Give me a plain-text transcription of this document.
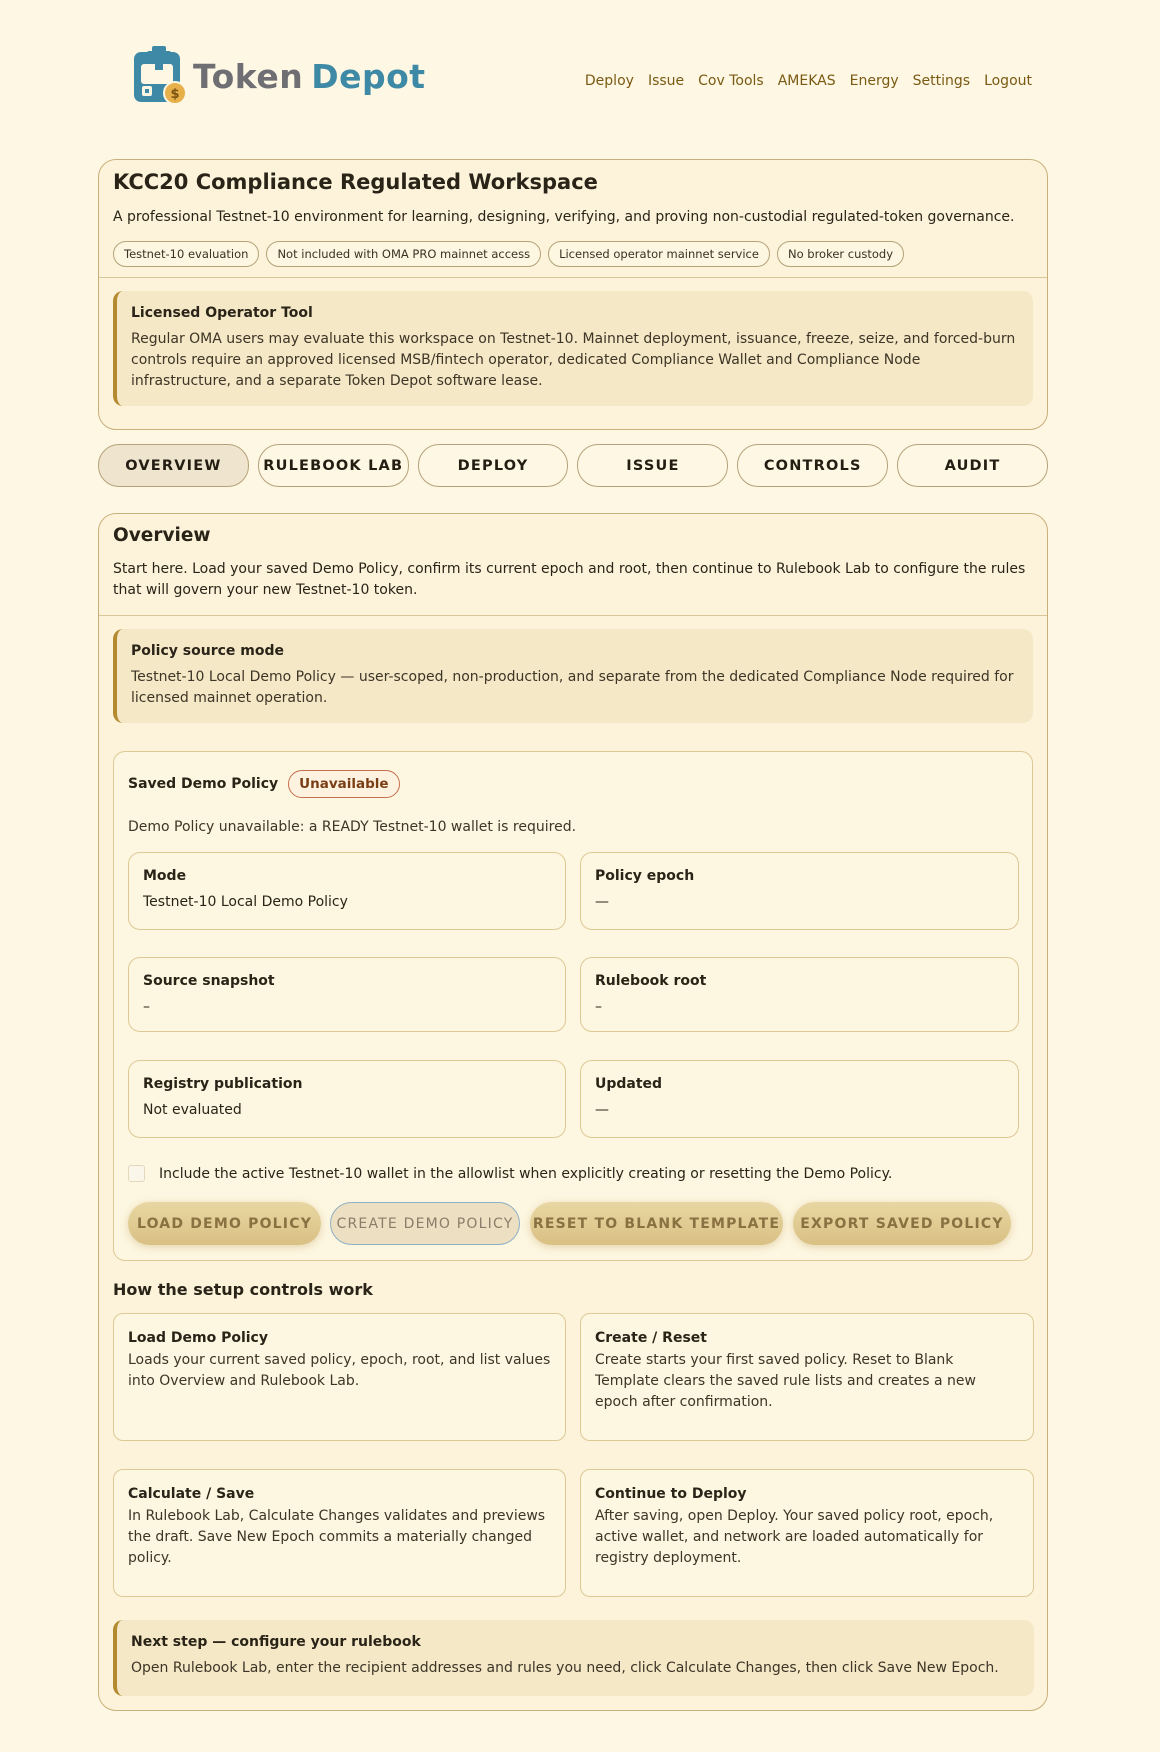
$ Token Depot	Deploy Issue Cov Tools AMEKAS Energy Settings Logout
KCC20 Compliance Regulated Workspace
A professional Testnet-10 environment for learning, designing, verifying, and proving non-custodial regulated-token governance.
Testnet-10 evaluation	Not included with OMA PRO mainnet access	Licensed operator mainnet service	No broker custody
Licensed Operator Tool
Regular OMA users may evaluate this workspace on Testnet-10. Mainnet deployment, issuance, freeze, seize, and forced-burn controls require an approved licensed MSB/fintech operator, dedicated Compliance Wallet and Compliance Node infrastructure, and a separate Token Depot software lease.
OVERVIEW	RULEBOOK LAB	DEPLOY	ISSUE	CONTROLS	AUDIT
Overview
Start here. Load your saved Demo Policy, confirm its current epoch and root, then continue to Rulebook Lab to configure the rules that will govern your new Testnet-10 token.
Policy source mode
Testnet-10 Local Demo Policy — user-scoped, non-production, and separate from the dedicated Compliance Node required for licensed mainnet operation.
Saved Demo Policy	Unavailable
Demo Policy unavailable: a READY Testnet-10 wallet is required.
Mode
Testnet-10 Local Demo Policy
Policy epoch
—
Source snapshot
–
Rulebook root
–
Registry publication
Not evaluated
Updated
—
Include the active Testnet-10 wallet in the allowlist when explicitly creating or resetting the Demo Policy.
How the setup controls work
Load Demo Policy
Loads your current saved policy, epoch, root, and list values into Overview and Rulebook Lab.
Create / Reset
Create starts your first saved policy. Reset to Blank Template clears the saved rule lists and creates a new epoch after confirmation.
Calculate / Save
In Rulebook Lab, Calculate Changes validates and previews the draft. Save New Epoch commits a materially changed policy.
Continue to Deploy
After saving, open Deploy. Your saved policy root, epoch, active wallet, and network are loaded automatically for registry deployment.
Next step — configure your rulebook
Open Rulebook Lab, enter the recipient addresses and rules you need, click Calculate Changes, then click Save New Epoch.
LOAD DEMO POLICY	CREATE DEMO POLICY	RESET TO BLANK TEMPLATE	EXPORT SAVED POLICY
